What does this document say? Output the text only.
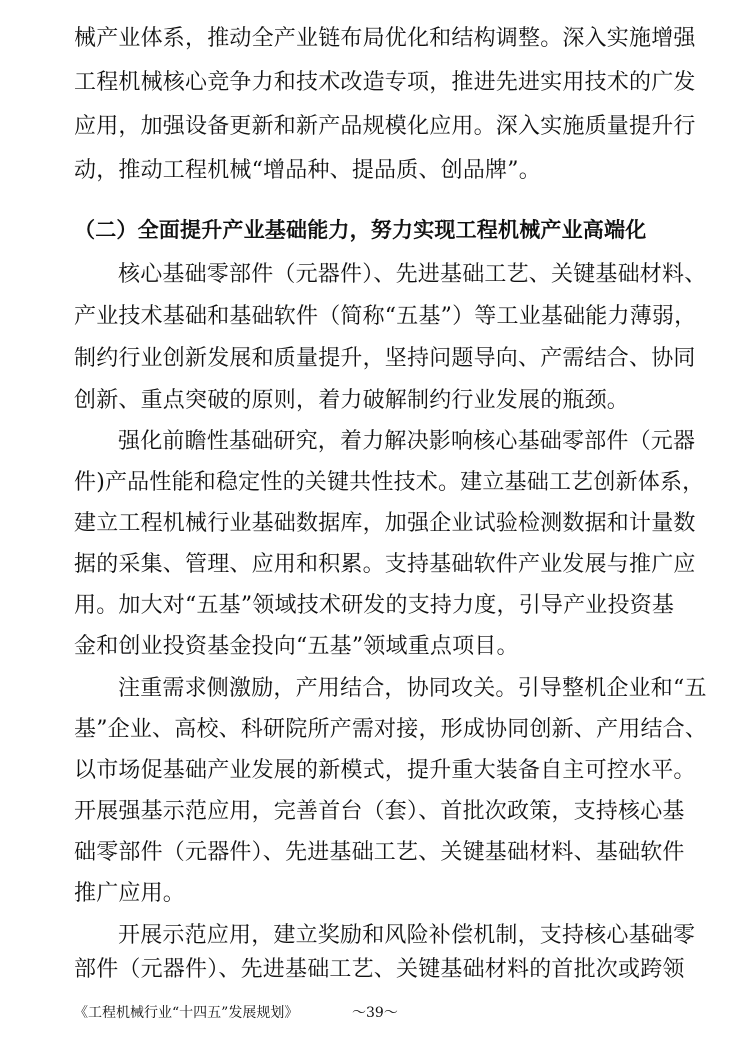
械产业体系，推动全产业链布局优化和结构调整。深入实施增强
工程机械核心竞争力和技术改造专项，推进先进实用技术的广发
应用，加强设备更新和新产品规模化应用。深入实施质量提升行
动，推动工程机械“增品种、提品质、创品牌”。
（二）全面提升产业基础能力，努力实现工程机械产业高端化
核心基础零部件（元器件）、先进基础工艺、关键基础材料、
产业技术基础和基础软件（简称“五基”）等工业基础能力薄弱，
制约行业创新发展和质量提升，坚持问题导向、产需结合、协同
创新、重点突破的原则，着力破解制约行业发展的瓶颈。
强化前瞻性基础研究，着力解决影响核心基础零部件（元器
件)产品性能和稳定性的关键共性技术。建立基础工艺创新体系，
建立工程机械行业基础数据库，加强企业试验检测数据和计量数
据的采集、管理、应用和积累。支持基础软件产业发展与推广应
用。加大对“五基”领域技术研发的支持力度，引导产业投资基
金和创业投资基金投向“五基”领域重点项目。
注重需求侧激励，产用结合，协同攻关。引导整机企业和“五
基”企业、高校、科研院所产需对接，形成协同创新、产用结合、
以市场促基础产业发展的新模式，提升重大装备自主可控水平。
开展强基示范应用，完善首台（套）、首批次政策，支持核心基
础零部件（元器件）、先进基础工艺、关键基础材料、基础软件
推广应用。
开展示范应用，建立奖励和风险补偿机制，支持核心基础零
部件（元器件）、先进基础工艺、关键基础材料的首批次或跨领
《工程机械行业“十四五”发展规划》	～39～
